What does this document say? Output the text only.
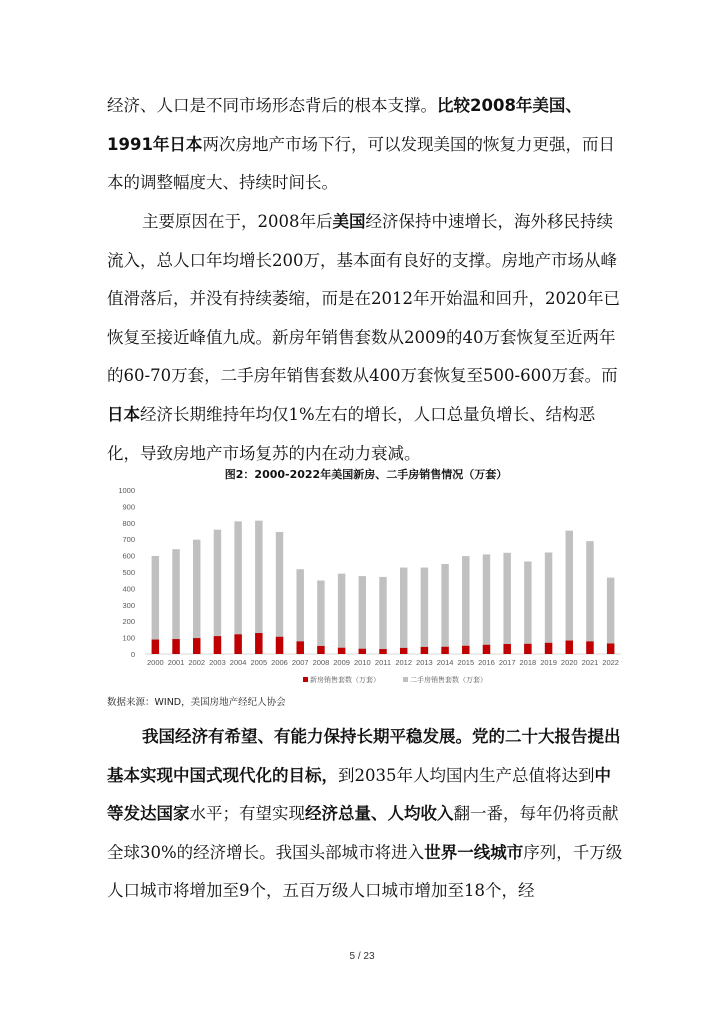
经济、人口是不同市场形态背后的根本支撑。比较2008年美国、1991年日本两次房地产市场下行，可以发现美国的恢复力更强，而日本的调整幅度大、持续时间长。

主要原因在于，2008年后美国经济保持中速增长，海外移民持续流入，总人口年均增长200万，基本面有良好的支撑。房地产市场从峰值滑落后，并没有持续萎缩，而是在2012年开始温和回升，2020年已恢复至接近峰值九成。新房年销售套数从2009的40万套恢复至近两年的60-70万套，二手房年销售套数从400万套恢复至500-600万套。而日本经济长期维持年均仅1%左右的增长，人口总量负增长、结构恶化，导致房地产市场复苏的内在动力衰减。

图2：2000-2022年美国新房、二手房销售情况（万套）
0
100
200
300
400
500
600
700
800
900
1000
2000 2001 2002 2003 2004 2005 2006 2007 2008 2009 2010 2011 2012 2013 2014 2015 2016 2017 2018 2019 2020 2021 2022
新房销售套数（万套）	二手房销售套数（万套）
数据来源：WIND，美国房地产经纪人协会

我国经济有希望、有能力保持长期平稳发展。党的二十大报告提出基本实现中国式现代化的目标，到2035年人均国内生产总值将达到中等发达国家水平；有望实现经济总量、人均收入翻一番，每年仍将贡献全球30%的经济增长。我国头部城市将进入世界一线城市序列，千万级人口城市将增加至9个，五百万级人口城市增加至18个，经

5 / 23
